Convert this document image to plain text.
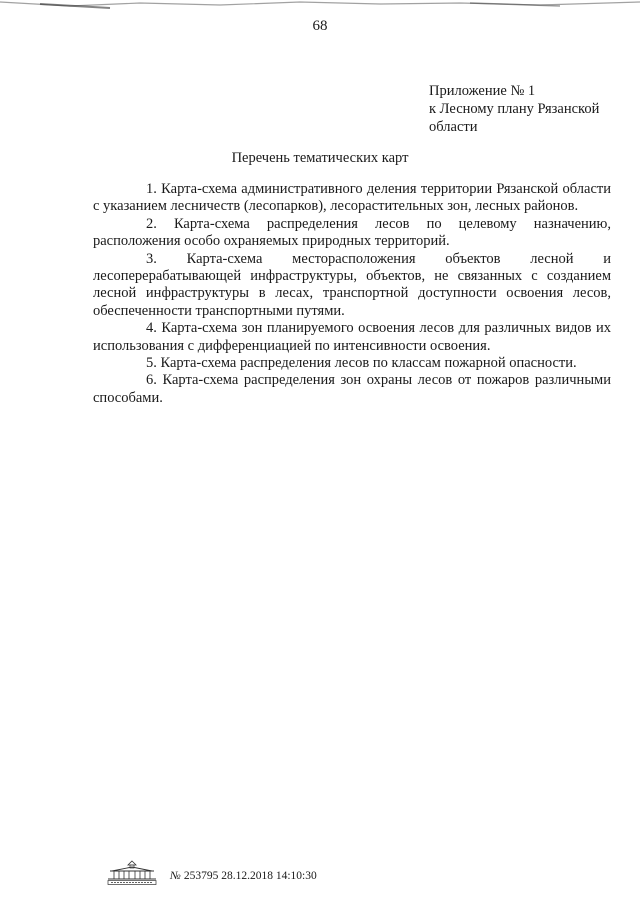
68
Приложение № 1
к Лесному плану Рязанской
области
Перечень тематических карт

1. Карта-схема административного деления территории Рязанской области с указанием лесничеств (лесопарков), лесорастительных зон, лесных районов.

2. Карта-схема распределения лесов по целевому назначению, расположения особо охраняемых природных территорий.

3. Карта-схема месторасположения объектов лесной и лесоперерабатывающей инфраструктуры, объектов, не связанных с созданием лесной инфраструктуры в лесах, транспортной доступности освоения лесов, обеспеченности транспортными путями.

4. Карта-схема зон планируемого освоения лесов для различных видов их использования с дифференциацией по интенсивности освоения.

5. Карта-схема распределения лесов по классам пожарной опасности.

6. Карта-схема распределения зон охраны лесов от пожаров различными способами.

№ 253795 28.12.2018 14:10:30
